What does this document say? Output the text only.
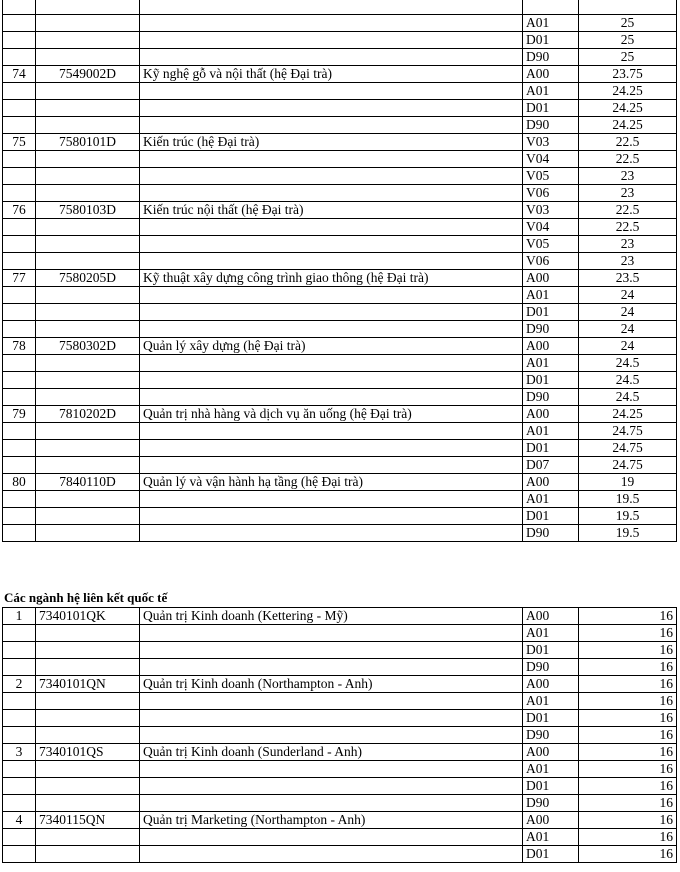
			A01	25
			D01	25
			D90	25
74	7549002D	Kỹ nghệ gỗ và nội thất (hệ Đại trà)	A00	23.75
			A01	24.25
			D01	24.25
			D90	24.25
75	7580101D	Kiến trúc (hệ Đại trà)	V03	22.5
			V04	22.5
			V05	23
			V06	23
76	7580103D	Kiến trúc nội thất (hệ Đại trà)	V03	22.5
			V04	22.5
			V05	23
			V06	23
77	7580205D	Kỹ thuật xây dựng công trình giao thông (hệ Đại trà)	A00	23.5
			A01	24
			D01	24
			D90	24
78	7580302D	Quản lý xây dựng (hệ Đại trà)	A00	24
			A01	24.5
			D01	24.5
			D90	24.5
79	7810202D	Quản trị nhà hàng và dịch vụ ăn uống (hệ Đại trà)	A00	24.25
			A01	24.75
			D01	24.75
			D07	24.75
80	7840110D	Quản lý và vận hành hạ tầng (hệ Đại trà)	A00	19
			A01	19.5
			D01	19.5
			D90	19.5
Các ngành hệ liên kết quốc tế
1	7340101QK	Quản trị Kinh doanh (Kettering - Mỹ)	A00	16
			A01	16
			D01	16
			D90	16
2	7340101QN	Quản trị Kinh doanh (Northampton - Anh)	A00	16
			A01	16
			D01	16
			D90	16
3	7340101QS	Quản trị Kinh doanh (Sunderland - Anh)	A00	16
			A01	16
			D01	16
			D90	16
4	7340115QN	Quản trị Marketing (Northampton - Anh)	A00	16
			A01	16
			D01	16
